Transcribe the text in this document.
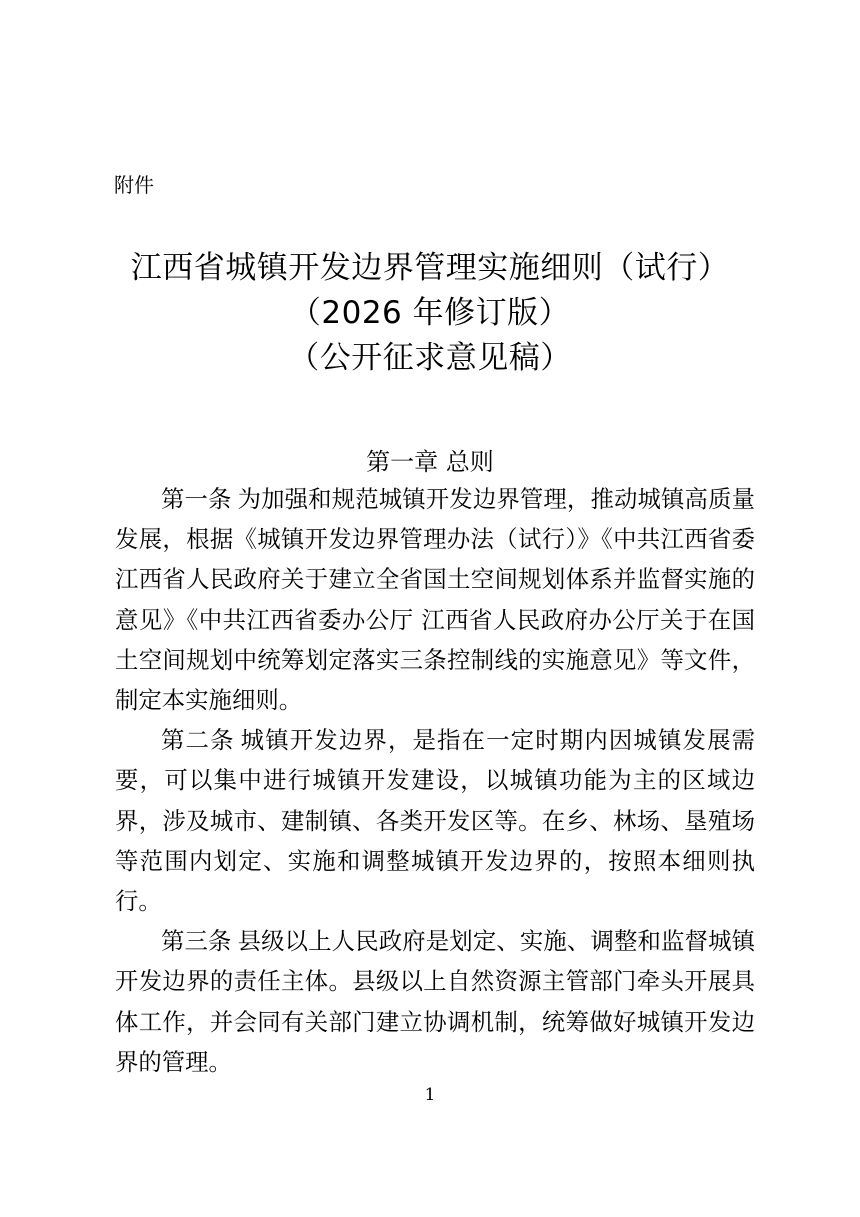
附件
江西省城镇开发边界管理实施细则（试行）
（2026 年修订版）
（公开征求意见稿）
第一章 总则

第一条 为加强和规范城镇开发边界管理，推动城镇高质量发展，根据《城镇开发边界管理办法（试行）》《中共江西省委 江西省人民政府关于建立全省国土空间规划体系并监督实施的意见》《中共江西省委办公厅 江西省人民政府办公厅关于在国土空间规划中统筹划定落实三条控制线的实施意见》等文件，制定本实施细则。

第二条 城镇开发边界，是指在一定时期内因城镇发展需要，可以集中进行城镇开发建设，以城镇功能为主的区域边界，涉及城市、建制镇、各类开发区等。在乡、林场、垦殖场等范围内划定、实施和调整城镇开发边界的，按照本细则执行。

第三条 县级以上人民政府是划定、实施、调整和监督城镇开发边界的责任主体。县级以上自然资源主管部门牵头开展具体工作，并会同有关部门建立协调机制，统筹做好城镇开发边界的管理。

1
